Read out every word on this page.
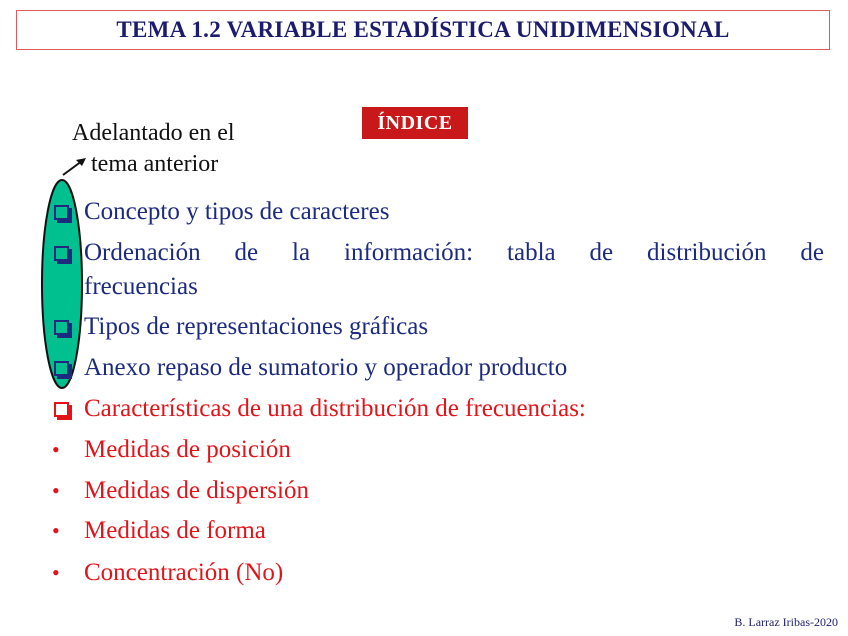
TEMA 1.2 VARIABLE ESTADÍSTICA UNIDIMENSIONAL
ÍNDICE
Adelantado en el
tema anterior
Concepto y tipos de caracteres
Ordenación de la información: tabla de distribución de
frecuencias
Tipos de representaciones gráficas
Anexo repaso de sumatorio y operador producto
Características de una distribución de frecuencias:
• Medidas de posición
• Medidas de dispersión
• Medidas de forma
• Concentración (No)
B. Larraz Iribas-2020
